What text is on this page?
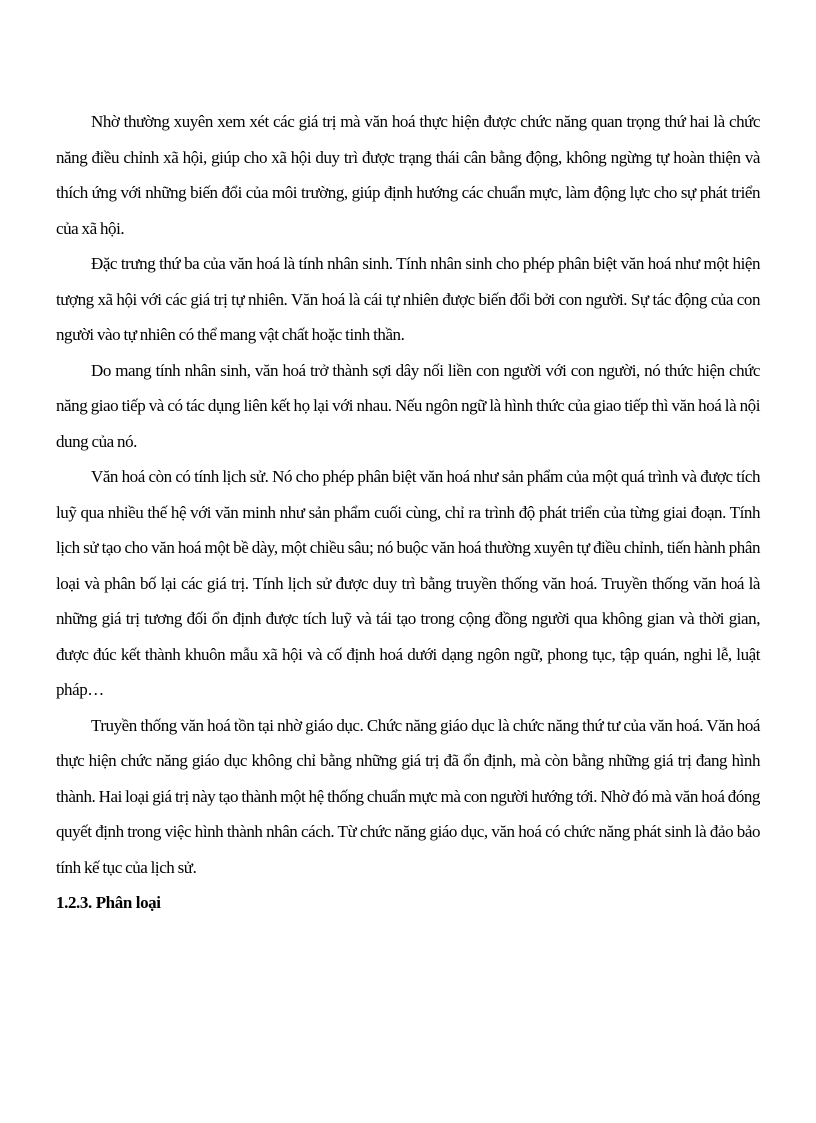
Nhờ thường xuyên xem xét các giá trị mà văn hoá thực hiện được chức năng quan trọng thứ hai là chức năng điều chỉnh xã hội, giúp cho xã hội duy trì được trạng thái cân bằng động, không ngừng tự hoàn thiện và thích ứng với những biến đổi của môi trường, giúp định hướng các chuẩn mực, làm động lực cho sự phát triển của xã hội.

Đặc trưng thứ ba của văn hoá là tính nhân sinh. Tính nhân sinh cho phép phân biệt văn hoá như một hiện tượng xã hội với các giá trị tự nhiên. Văn hoá là cái tự nhiên được biến đổi bởi con người. Sự tác động của con người vào tự nhiên có thể mang vật chất hoặc tinh thần.

Do mang tính nhân sinh, văn hoá trở thành sợi dây nối liền con người với con người, nó thức hiện chức năng giao tiếp và có tác dụng liên kết họ lại với nhau. Nếu ngôn ngữ là hình thức của giao tiếp thì văn hoá là nội dung của nó.

Văn hoá còn có tính lịch sử. Nó cho phép phân biệt văn hoá như sản phẩm của một quá trình và được tích luỹ qua nhiều thế hệ với văn minh như sản phẩm cuối cùng, chỉ ra trình độ phát triển của từng giai đoạn. Tính lịch sử tạo cho văn hoá một bề dày, một chiều sâu; nó buộc văn hoá thường xuyên tự điều chỉnh, tiến hành phân loại và phân bố lại các giá trị. Tính lịch sử được duy trì bằng truyền thống văn hoá. Truyền thống văn hoá là những giá trị tương đối ổn định được tích luỹ và tái tạo trong cộng đồng người qua không gian và thời gian, được đúc kết thành khuôn mẫu xã hội và cố định hoá dưới dạng ngôn ngữ, phong tục, tập quán, nghi lễ, luật pháp…

Truyền thống văn hoá tồn tại nhờ giáo dục. Chức năng giáo dục là chức năng thứ tư của văn hoá. Văn hoá thực hiện chức năng giáo dục không chỉ bằng những giá trị đã ổn định, mà còn bằng những giá trị đang hình thành. Hai loại giá trị này tạo thành một hệ thống chuẩn mực mà con người hướng tới. Nhờ đó mà văn hoá đóng quyết định trong việc hình thành nhân cách. Từ chức năng giáo dục, văn hoá có chức năng phát sinh là đảo bảo tính kế tục của lịch sử.

1.2.3. Phân loại
